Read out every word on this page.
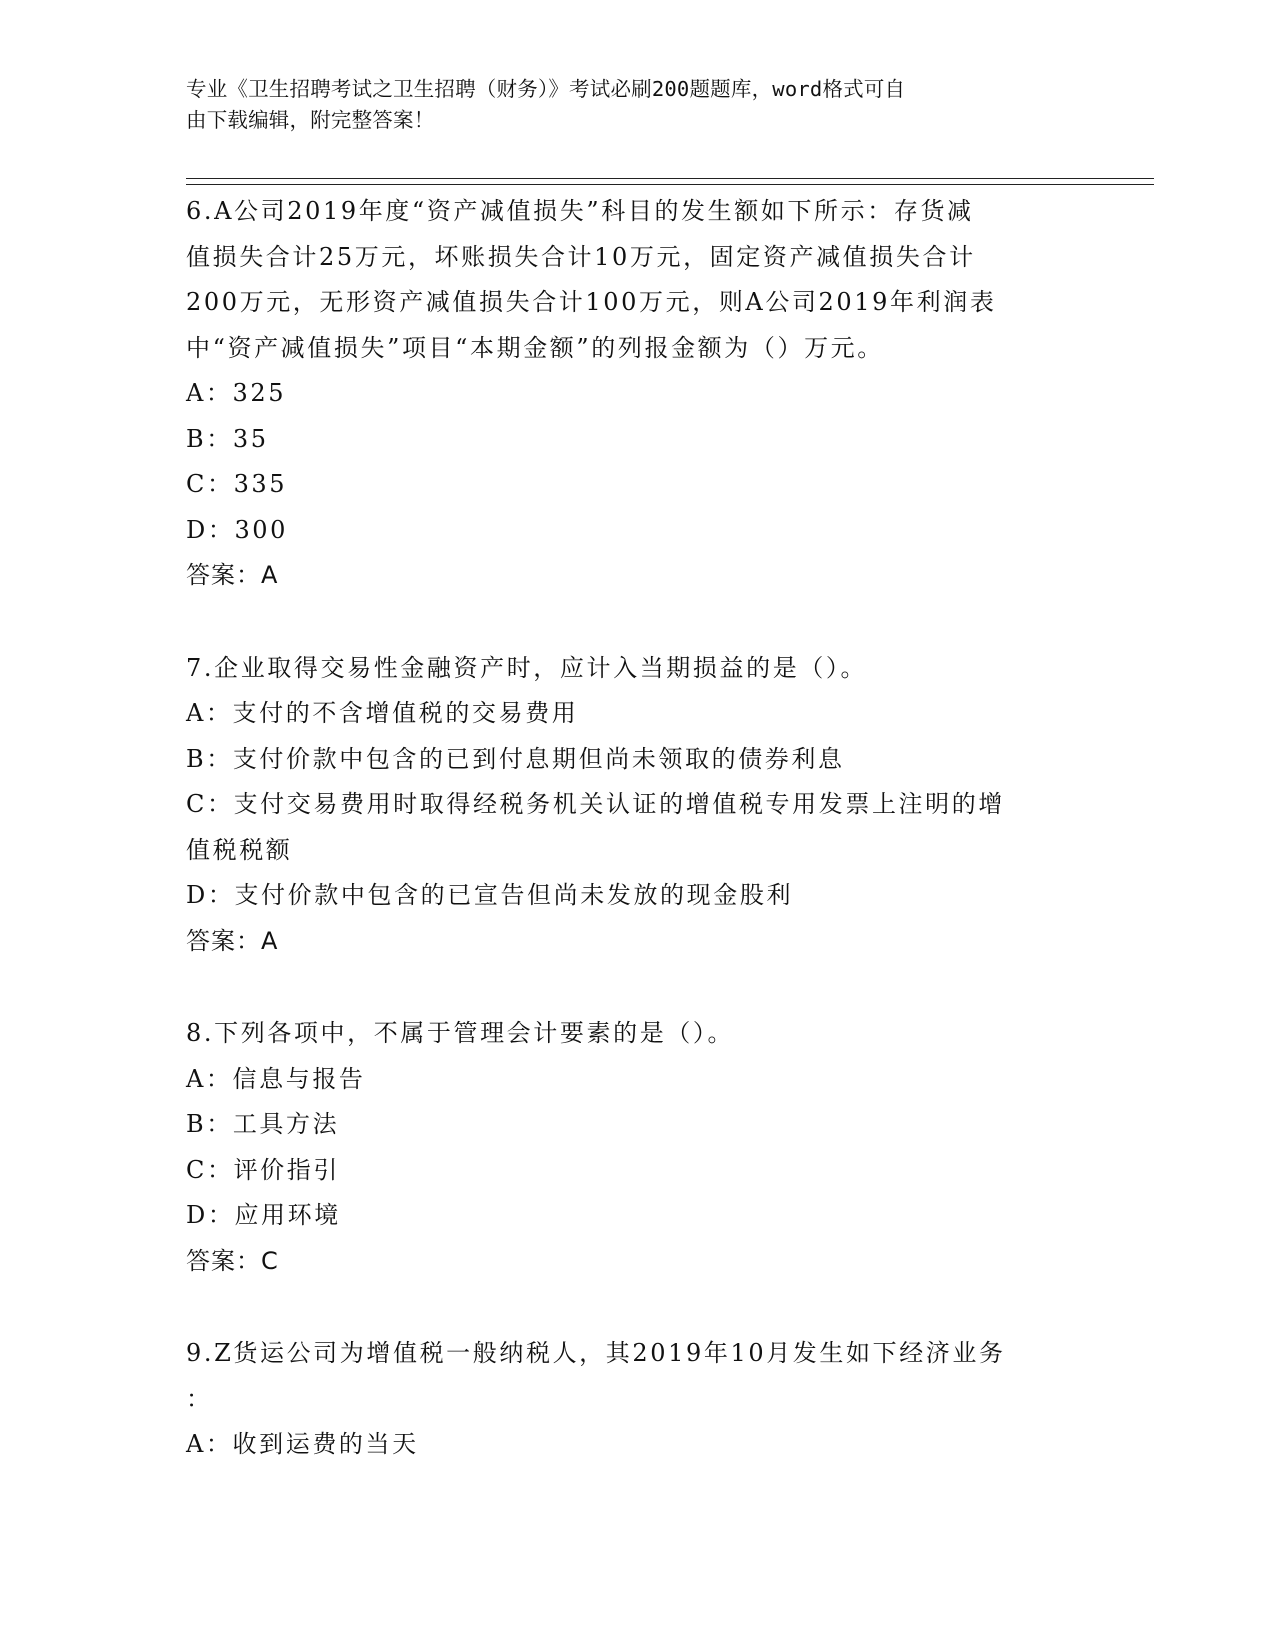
专业《卫生招聘考试之卫生招聘（财务）》考试必刷200题题库，word格式可自
由下载编辑，附完整答案！

6.A公司2019年度“资产减值损失”科目的发生额如下所示：存货减

值损失合计25万元，坏账损失合计10万元，固定资产减值损失合计

200万元，无形资产减值损失合计100万元，则A公司2019年利润表

中“资产减值损失”项目“本期金额”的列报金额为（）万元。

A：325

B：35

C：335

D：300

答案：A

7.企业取得交易性金融资产时，应计入当期损益的是（）。

A：支付的不含增值税的交易费用

B：支付价款中包含的已到付息期但尚未领取的债券利息

C：支付交易费用时取得经税务机关认证的增值税专用发票上注明的增
值税税额

D：支付价款中包含的已宣告但尚未发放的现金股利

答案：A

8.下列各项中，不属于管理会计要素的是（）。

A：信息与报告

B：工具方法

C：评价指引

D：应用环境

答案：C

9.Z货运公司为增值税一般纳税人，其2019年10月发生如下经济业务

：

A：收到运费的当天
